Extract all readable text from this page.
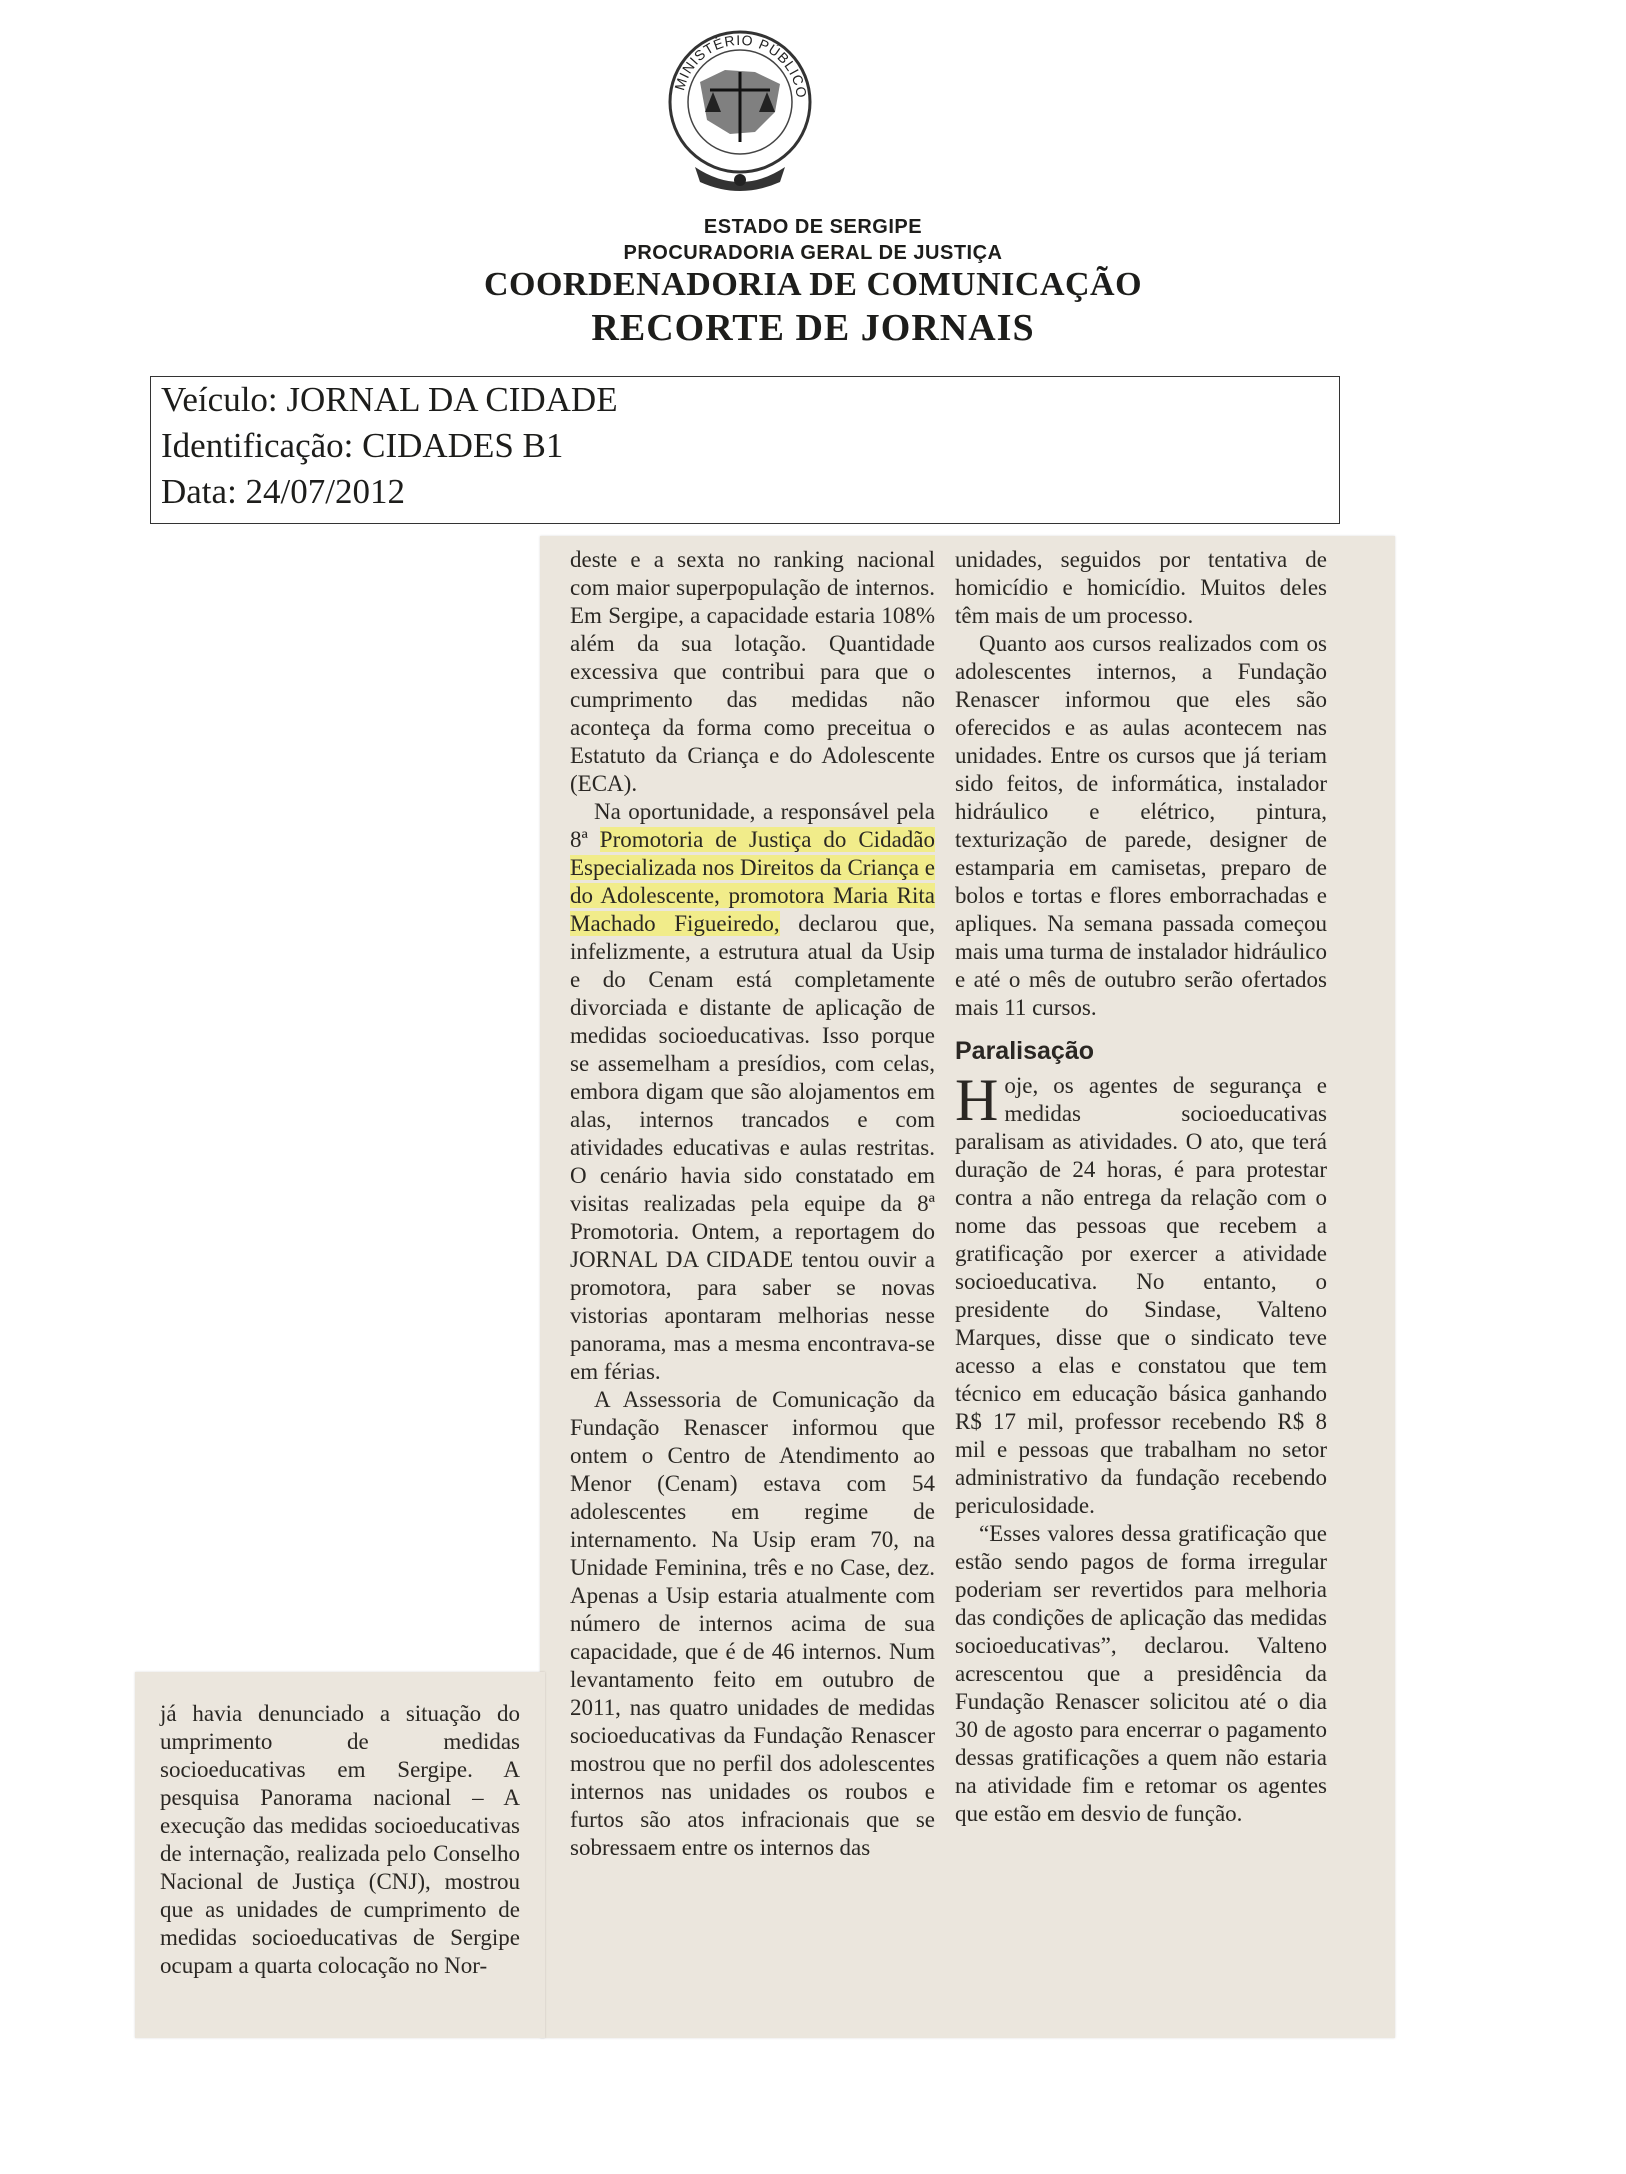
MINISTÉRIO PÚBLICO

ESTADO DE SERGIPE

PROCURADORIA GERAL DE JUSTIÇA

COORDENADORIA DE COMUNICAÇÃO

RECORTE DE JORNAIS

Veículo: JORNAL DA CIDADE
Identificação: CIDADES B1
Data: 24/07/2012

já havia denunciado a situação do umprimento de medidas socioeducativas em Sergipe. A pesquisa Panorama nacional – A execução das medidas socioeducativas de internação, realizada pelo Conselho Nacional de Justiça (CNJ), mostrou que as unidades de cumprimento de medidas socioeducativas de Sergipe ocupam a quarta colocação no Nor-

deste e a sexta no ranking nacional com maior superpopulação de internos. Em Sergipe, a capacidade estaria 108% além da sua lotação. Quantidade excessiva que contribui para que o cumprimento das medidas não aconteça da forma como preceitua o Estatuto da Criança e do Adolescente (ECA).

Na oportunidade, a responsável pela 8ª Promotoria de Justiça do Cidadão Especializada nos Direitos da Criança e do Adolescente, promotora Maria Rita Machado Figueiredo, declarou que, infelizmente, a estrutura atual da Usip e do Cenam está completamente divorciada e distante de aplicação de medidas socioeducativas. Isso porque se assemelham a presídios, com celas, embora digam que são alojamentos em alas, internos trancados e com atividades educativas e aulas restritas. O cenário havia sido constatado em visitas realizadas pela equipe da 8ª Promotoria. Ontem, a reportagem do JORNAL DA CIDADE tentou ouvir a promotora, para saber se novas vistorias apontaram melhorias nesse panorama, mas a mesma encontrava-se em férias.

A Assessoria de Comunicação da Fundação Renascer informou que ontem o Centro de Atendimento ao Menor (Cenam) estava com 54 adolescentes em regime de internamento. Na Usip eram 70, na Unidade Feminina, três e no Case, dez. Apenas a Usip estaria atualmente com número de internos acima de sua capacidade, que é de 46 internos. Num levantamento feito em outubro de 2011, nas quatro unidades de medidas socioeducativas da Fundação Renascer mostrou que no perfil dos adolescentes internos nas unidades os roubos e furtos são atos infracionais que se sobressaem entre os internos das

unidades, seguidos por tentativa de homicídio e homicídio. Muitos deles têm mais de um processo.

Quanto aos cursos realizados com os adolescentes internos, a Fundação Renascer informou que eles são oferecidos e as aulas acontecem nas unidades. Entre os cursos que já teriam sido feitos, de informática, instalador hidráulico e elétrico, pintura, texturização de parede, designer de estamparia em camisetas, preparo de bolos e tortas e flores emborrachadas e apliques. Na semana passada começou mais uma turma de instalador hidráulico e até o mês de outubro serão ofertados mais 11 cursos.

Paralisação

Hoje, os agentes de segurança e medidas socioeducativas paralisam as atividades. O ato, que terá duração de 24 horas, é para protestar contra a não entrega da relação com o nome das pessoas que recebem a gratificação por exercer a atividade socioeducativa. No entanto, o presidente do Sindase, Valteno Marques, disse que o sindicato teve acesso a elas e constatou que tem técnico em educação básica ganhando R$ 17 mil, professor recebendo R$ 8 mil e pessoas que trabalham no setor administrativo da fundação recebendo periculosidade.

“Esses valores dessa gratificação que estão sendo pagos de forma irregular poderiam ser revertidos para melhoria das condições de aplicação das medidas socioeducativas”, declarou. Valteno acrescentou que a presidência da Fundação Renascer solicitou até o dia 30 de agosto para encerrar o pagamento dessas gratificações a quem não estaria na atividade fim e retomar os agentes que estão em desvio de função.
